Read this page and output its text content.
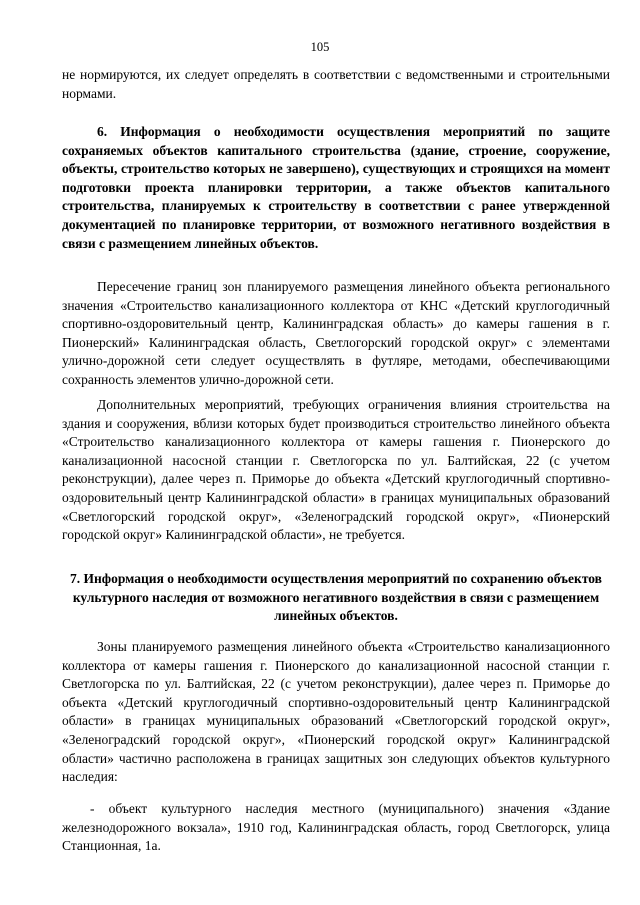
105

не нормируются, их следует определять в соответствии с ведомственными и строительными нормами.

6. Информация о необходимости осуществления мероприятий по защите сохраняемых объектов капитального строительства (здание, строение, сооружение, объекты, строительство которых не завершено), существующих и строящихся на момент подготовки проекта планировки территории, а также объектов капитального строительства, планируемых к строительству в соответствии с ранее утвержденной документацией по планировке территории, от возможного негативного воздействия в связи с размещением линейных объектов.

Пересечение границ зон планируемого размещения линейного объекта регионального значения «Строительство канализационного коллектора от КНС «Детский круглогодичный спортивно-оздоровительный центр, Калининградская область» до камеры гашения в г. Пионерский» Калининградская область, Светлогорский городской округ» с элементами улично-дорожной сети следует осуществлять в футляре, методами, обеспечивающими сохранность элементов улично-дорожной сети.

Дополнительных мероприятий, требующих ограничения влияния строительства на здания и сооружения, вблизи которых будет производиться строительство линейного объекта «Строительство канализационного коллектора от камеры гашения г. Пионерского до канализационной насосной станции г. Светлогорска по ул. Балтийская, 22 (с учетом реконструкции), далее через п. Приморье до объекта «Детский круглогодичный спортивно-оздоровительный центр Калининградской области» в границах муниципальных образований «Светлогорский городской округ», «Зеленоградский городской округ», «Пионерский городской округ» Калининградской области», не требуется.

7. Информация о необходимости осуществления мероприятий по сохранению объектов культурного наследия от возможного негативного воздействия в связи с размещением линейных объектов.

Зоны планируемого размещения линейного объекта «Строительство канализационного коллектора от камеры гашения г. Пионерского до канализационной насосной станции г. Светлогорска по ул. Балтийская, 22 (с учетом реконструкции), далее через п. Приморье до объекта «Детский круглогодичный спортивно-оздоровительный центр Калининградской области» в границах муниципальных образований «Светлогорский городской округ», «Зеленоградский городской округ», «Пионерский городской округ» Калининградской области» частично расположена в границах защитных зон следующих объектов культурного наследия:

- объект культурного наследия местного (муниципального) значения «Здание железнодорожного вокзала», 1910 год, Калининградская область, город Светлогорск, улица Станционная, 1а.
